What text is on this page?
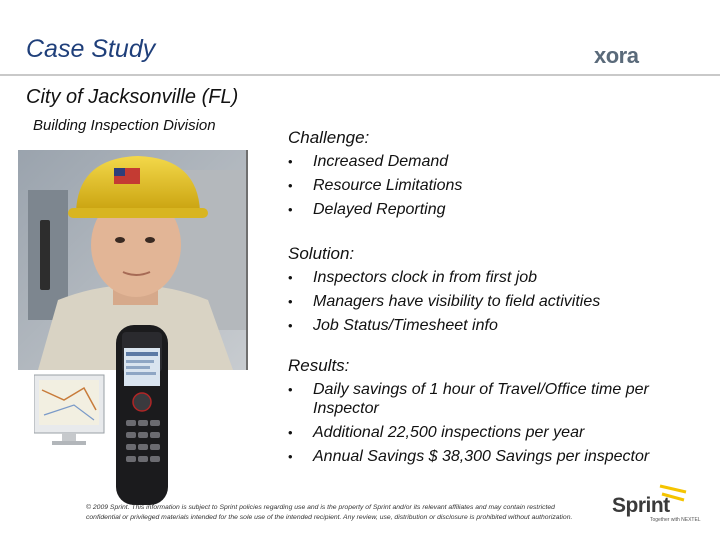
Case Study	xora
City of Jacksonville (FL)
Building Inspection Division
Challenge:
• Increased Demand
• Resource Limitations
• Delayed Reporting
Solution:
• Inspectors clock in from first job
• Managers have visibility to field activities
• Job Status/Timesheet info
Results:
• Daily savings of 1 hour of Travel/Office time per Inspector
• Additional 22,500 inspections per year
• Annual Savings $ 38,300 Savings per inspector
© 2009 Sprint. This information is subject to Sprint policies regarding use and is the property of Sprint and/or its relevant affiliates and may contain restricted
confidential or privileged materials intended for the sole use of the intended recipient. Any review, use, distribution or disclosure is prohibited without authorization.
Sprint
Together with NEXTEL
